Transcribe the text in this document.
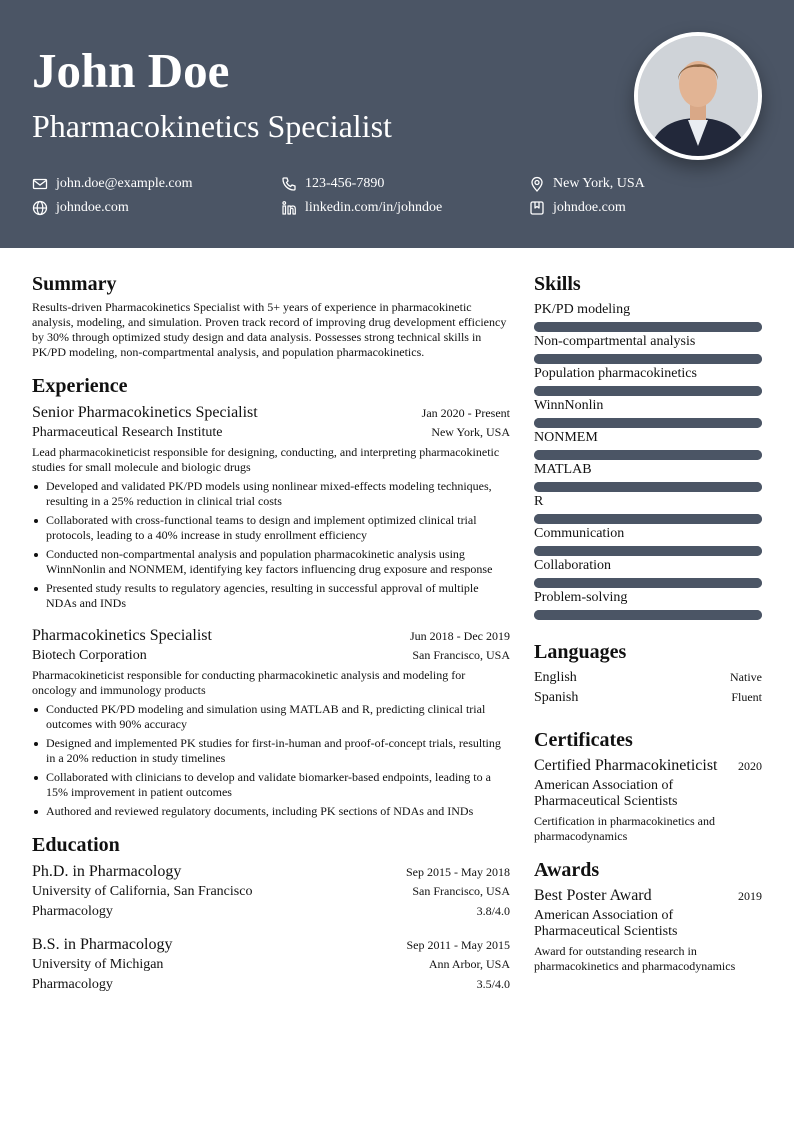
John Doe
Pharmacokinetics Specialist
john.doe@example.com	123-456-7890	New York, USA
johndoe.com	linkedin.com/in/johndoe	johndoe.com
Summary

Results-driven Pharmacokinetics Specialist with 5+ years of experience in pharmacokinetic analysis, modeling, and simulation. Proven track record of improving drug development efficiency by 30% through optimized study design and data analysis. Possesses strong technical skills in PK/PD modeling, non-compartmental analysis, and population pharmacokinetics.

Experience
Senior Pharmacokinetics Specialist	Jan 2020 - Present
Pharmaceutical Research Institute	New York, USA

Lead pharmacokineticist responsible for designing, conducting, and interpreting pharmacokinetic studies for small molecule and biologic drugs

Developed and validated PK/PD models using nonlinear mixed-effects modeling techniques, resulting in a 25% reduction in clinical trial costs
Collaborated with cross-functional teams to design and implement optimized clinical trial protocols, leading to a 40% increase in study enrollment efficiency
Conducted non-compartmental analysis and population pharmacokinetic analysis using WinnNonlin and NONMEM, identifying key factors influencing drug exposure and response
Presented study results to regulatory agencies, resulting in successful approval of multiple NDAs and INDs
Pharmacokinetics Specialist	Jun 2018 - Dec 2019
Biotech Corporation	San Francisco, USA

Pharmacokineticist responsible for conducting pharmacokinetic analysis and modeling for oncology and immunology products

Conducted PK/PD modeling and simulation using MATLAB and R, predicting clinical trial outcomes with 90% accuracy
Designed and implemented PK studies for first-in-human and proof-of-concept trials, resulting in a 20% reduction in study timelines
Collaborated with clinicians to develop and validate biomarker-based endpoints, leading to a 15% improvement in patient outcomes
Authored and reviewed regulatory documents, including PK sections of NDAs and INDs
Education
Ph.D. in Pharmacology	Sep 2015 - May 2018
University of California, San Francisco	San Francisco, USA
Pharmacology	3.8/4.0
B.S. in Pharmacology	Sep 2011 - May 2015
University of Michigan	Ann Arbor, USA
Pharmacology	3.5/4.0
Skills
PK/PD modeling
Non-compartmental analysis
Population pharmacokinetics
WinnNonlin
NONMEM
MATLAB
R
Communication
Collaboration
Problem-solving
Languages
English	Native
Spanish	Fluent
Certificates
Certified Pharmacokineticist 2020
American Association of Pharmaceutical Scientists
Certification in pharmacokinetics and pharmacodynamics
Awards
Best Poster Award	2019
American Association of Pharmaceutical Scientists
Award for outstanding research in pharmacokinetics and pharmacodynamics
